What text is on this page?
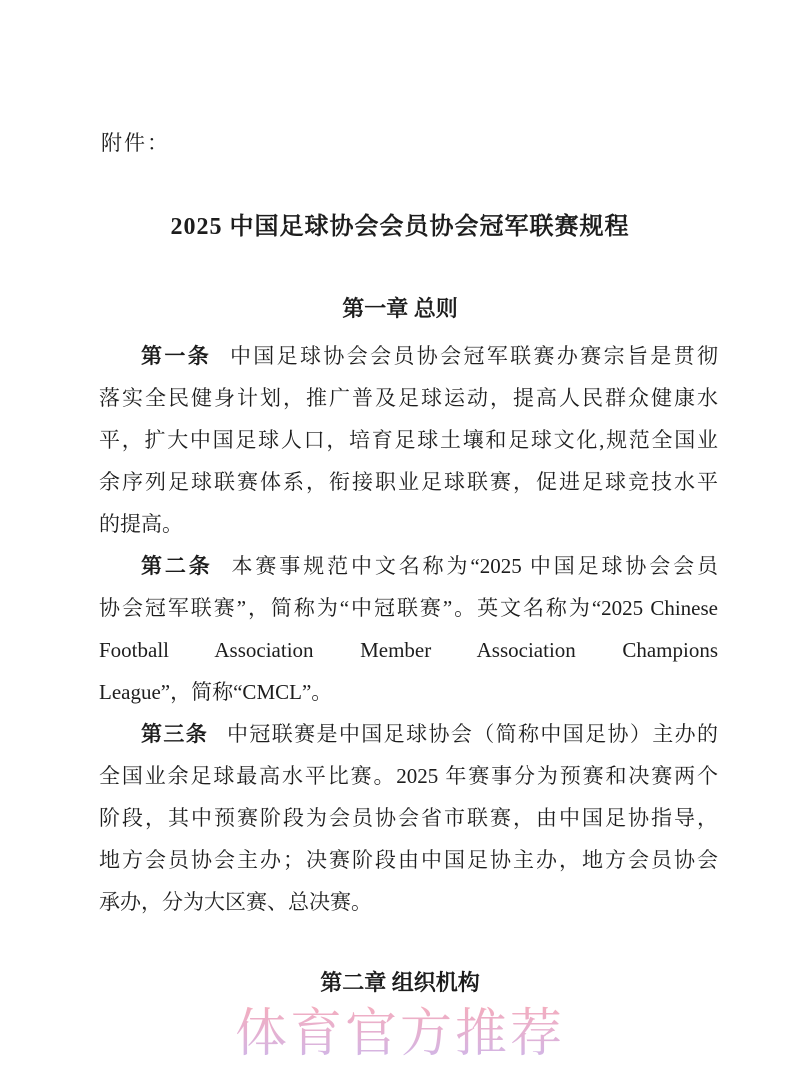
附件：
2025 中国足球协会会员协会冠军联赛规程
第一章 总则

第一条 中国足球协会会员协会冠军联赛办赛宗旨是贯彻

落实全民健身计划，推广普及足球运动，提高人民群众健康水

平，扩大中国足球人口，培育足球土壤和足球文化,规范全国业

余序列足球联赛体系，衔接职业足球联赛，促进足球竞技水平

的提高。

第二条 本赛事规范中文名称为“2025 中国足球协会会员

协会冠军联赛”，简称为“中冠联赛”。英文名称为“2025 Chinese

Football Association Member Association Champions

League”，简称“CMCL”。

第三条 中冠联赛是中国足球协会（简称中国足协）主办的

全国业余足球最高水平比赛。2025 年赛事分为预赛和决赛两个

阶段，其中预赛阶段为会员协会省市联赛，由中国足协指导，

地方会员协会主办；决赛阶段由中国足协主办，地方会员协会

承办，分为大区赛、总决赛。

第二章 组织机构
体育官方推荐
